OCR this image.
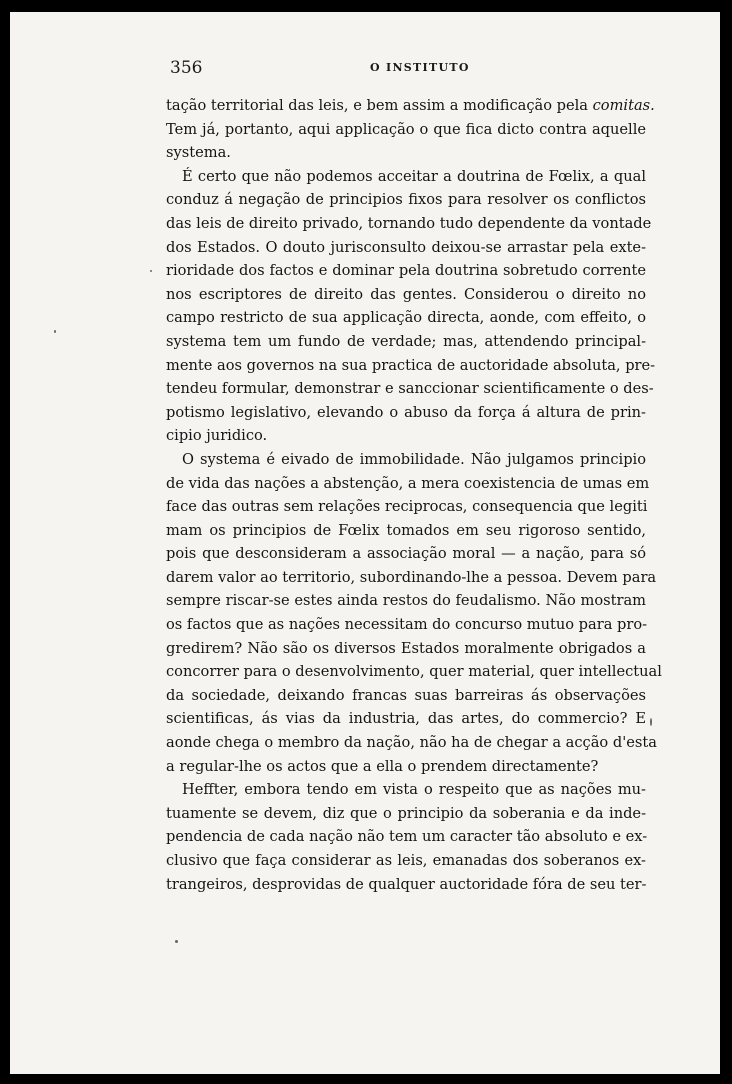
356	O INSTITUTO
tação territorial das leis, e bem assim a modificação pela comitas.
Tem já, portanto, aqui applicação o que fica dicto contra aquelle
systema.
É certo que não podemos acceitar a doutrina de Fœlix, a qual
conduz á negação de principios fixos para resolver os conflictos
das leis de direito privado, tornando tudo dependente da vontade
dos Estados. O douto jurisconsulto deixou-se arrastar pela exte-
rioridade dos factos e dominar pela doutrina sobretudo corrente
nos escriptores de direito das gentes. Considerou o direito no
campo restricto de sua applicação directa, aonde, com effeito, o
systema tem um fundo de verdade; mas, attendendo principal-
mente aos governos na sua practica de auctoridade absoluta, pre-
tendeu formular, demonstrar e sanccionar scientificamente o des-
potismo legislativo, elevando o abuso da força á altura de prin-
cipio juridico.
O systema é eivado de immobilidade. Não julgamos principio
de vida das nações a abstenção, a mera coexistencia de umas em
face das outras sem relações reciprocas, consequencia que legiti
mam os principios de Fœlix tomados em seu rigoroso sentido,
pois que desconsideram a associação moral — a nação, para só
darem valor ao territorio, subordinando-lhe a pessoa. Devem para
sempre riscar-se estes ainda restos do feudalismo. Não mostram
os factos que as nações necessitam do concurso mutuo para pro-
gredirem? Não são os diversos Estados moralmente obrigados a
concorrer para o desenvolvimento, quer material, quer intellectual
da sociedade, deixando francas suas barreiras ás observações
scientificas, ás vias da industria, das artes, do commercio? E
aonde chega o membro da nação, não ha de chegar a acção d'esta
a regular-lhe os actos que a ella o prendem directamente?
Heffter, embora tendo em vista o respeito que as nações mu-
tuamente se devem, diz que o principio da soberania e da inde-
pendencia de cada nação não tem um caracter tão absoluto e ex-
clusivo que faça considerar as leis, emanadas dos soberanos ex-
trangeiros, desprovidas de qualquer auctoridade fóra de seu ter-
